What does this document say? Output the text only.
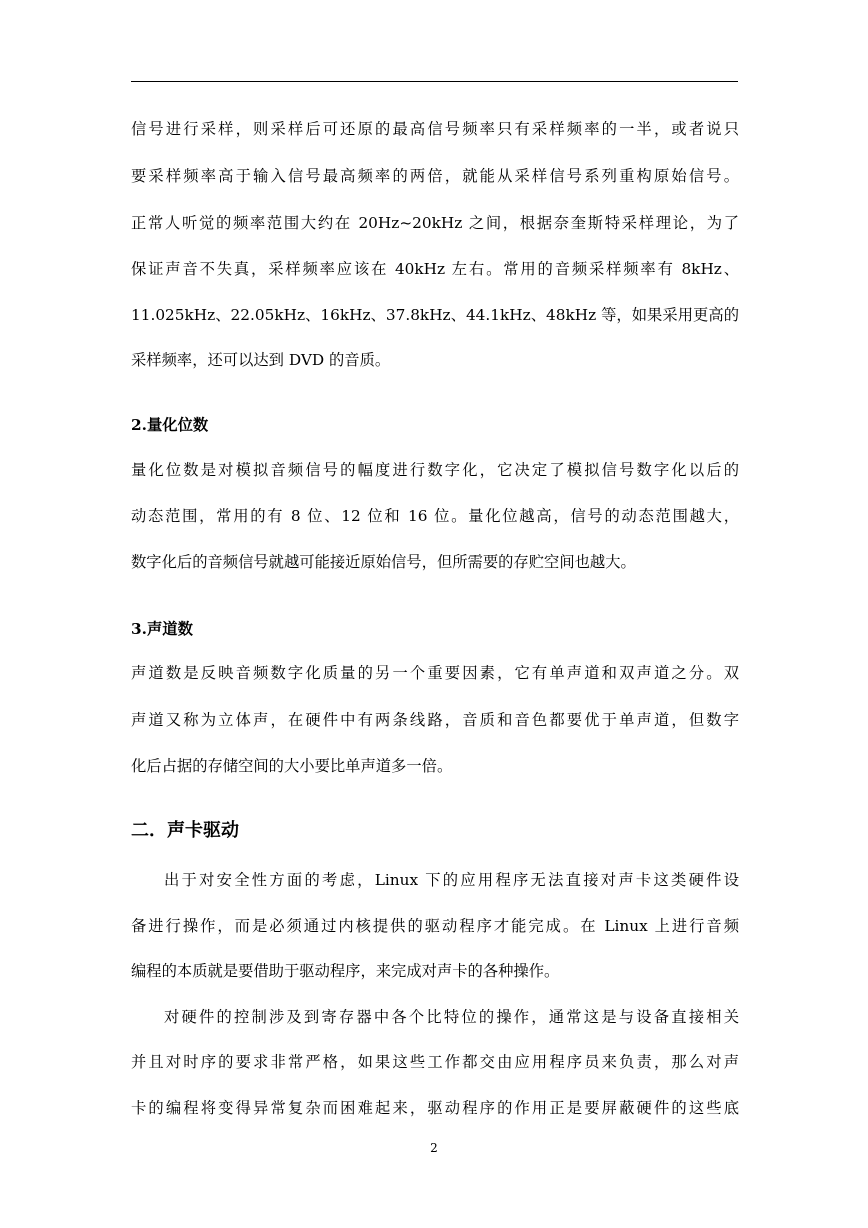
信号进行采样，则采样后可还原的最高信号频率只有采样频率的一半，或者说只
要采样频率高于输入信号最高频率的两倍，就能从采样信号系列重构原始信号。
正常人听觉的频率范围大约在 20Hz~20kHz 之间，根据奈奎斯特采样理论，为了
保证声音不失真，采样频率应该在 40kHz 左右。常用的音频采样频率有 8kHz、
11.025kHz、22.05kHz、16kHz、37.8kHz、44.1kHz、48kHz 等，如果采用更高的
采样频率，还可以达到 DVD 的音质。
2.量化位数
量化位数是对模拟音频信号的幅度进行数字化，它决定了模拟信号数字化以后的
动态范围，常用的有 8 位、12 位和 16 位。量化位越高，信号的动态范围越大，
数字化后的音频信号就越可能接近原始信号，但所需要的存贮空间也越大。
3.声道数
声道数是反映音频数字化质量的另一个重要因素，它有单声道和双声道之分。双
声道又称为立体声，在硬件中有两条线路，音质和音色都要优于单声道，但数字
化后占据的存储空间的大小要比单声道多一倍。
二．声卡驱动
出于对安全性方面的考虑，Linux 下的应用程序无法直接对声卡这类硬件设
备进行操作，而是必须通过内核提供的驱动程序才能完成。在 Linux 上进行音频
编程的本质就是要借助于驱动程序，来完成对声卡的各种操作。
对硬件的控制涉及到寄存器中各个比特位的操作，通常这是与设备直接相关
并且对时序的要求非常严格，如果这些工作都交由应用程序员来负责，那么对声
卡的编程将变得异常复杂而困难起来，驱动程序的作用正是要屏蔽硬件的这些底
2
